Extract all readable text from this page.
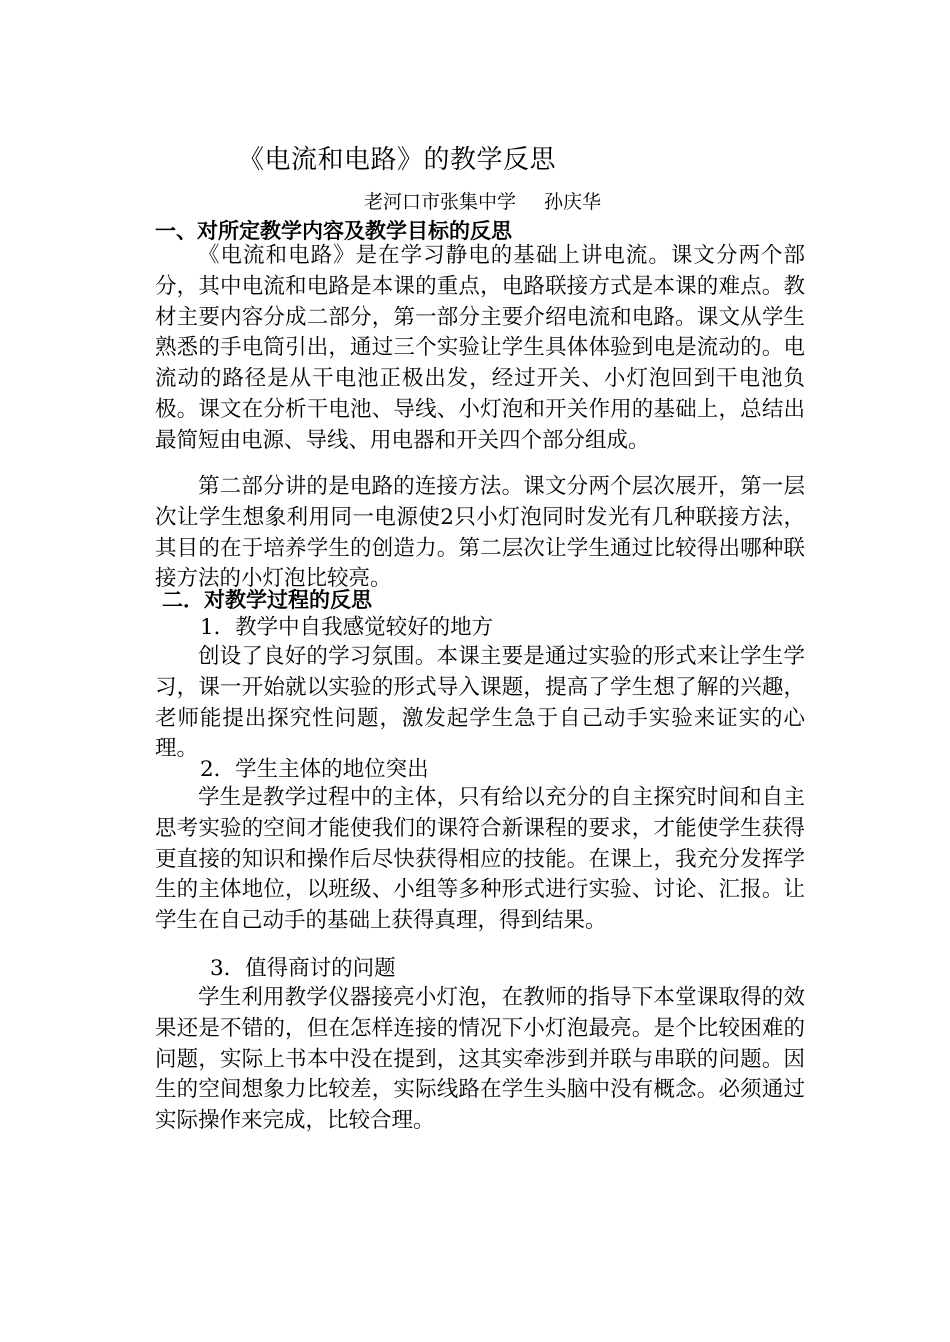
《电流和电路》的教学反思
老河口市张集中学 孙庆华
一、对所定教学内容及教学目标的反思
《电流和电路》是在学习静电的基础上讲电流。课文分两个部分，其中电流和电路是本课的重点，电路联接方式是本课的难点。教材主要内容分成二部分，第一部分主要介绍电流和电路。课文从学生熟悉的手电筒引出，通过三个实验让学生具体体验到电是流动的。电流动的路径是从干电池正极出发，经过开关、小灯泡回到干电池负极。课文在分析干电池、导线、小灯泡和开关作用的基础上，总结出最简短由电源、导线、用电器和开关四个部分组成。
第二部分讲的是电路的连接方法。课文分两个层次展开，第一层次让学生想象利用同一电源使2只小灯泡同时发光有几种联接方法，其目的在于培养学生的创造力。第二层次让学生通过比较得出哪种联接方法的小灯泡比较亮。
二．对教学过程的反思
1．教学中自我感觉较好的地方
创设了良好的学习氛围。本课主要是通过实验的形式来让学生学习，课一开始就以实验的形式导入课题，提高了学生想了解的兴趣，老师能提出探究性问题，激发起学生急于自己动手实验来证实的心理。
2．学生主体的地位突出
学生是教学过程中的主体，只有给以充分的自主探究时间和自主思考实验的空间才能使我们的课符合新课程的要求，才能使学生获得更直接的知识和操作后尽快获得相应的技能。在课上，我充分发挥学生的主体地位，以班级、小组等多种形式进行实验、讨论、汇报。让学生在自己动手的基础上获得真理，得到结果。
3．值得商讨的问题
学生利用教学仪器接亮小灯泡，在教师的指导下本堂课取得的效果还是不错的，但在怎样连接的情况下小灯泡最亮。是个比较困难的问题，实际上书本中没在提到，这其实牵涉到并联与串联的问题。因生的空间想象力比较差，实际线路在学生头脑中没有概念。必须通过实际操作来完成，比较合理。
